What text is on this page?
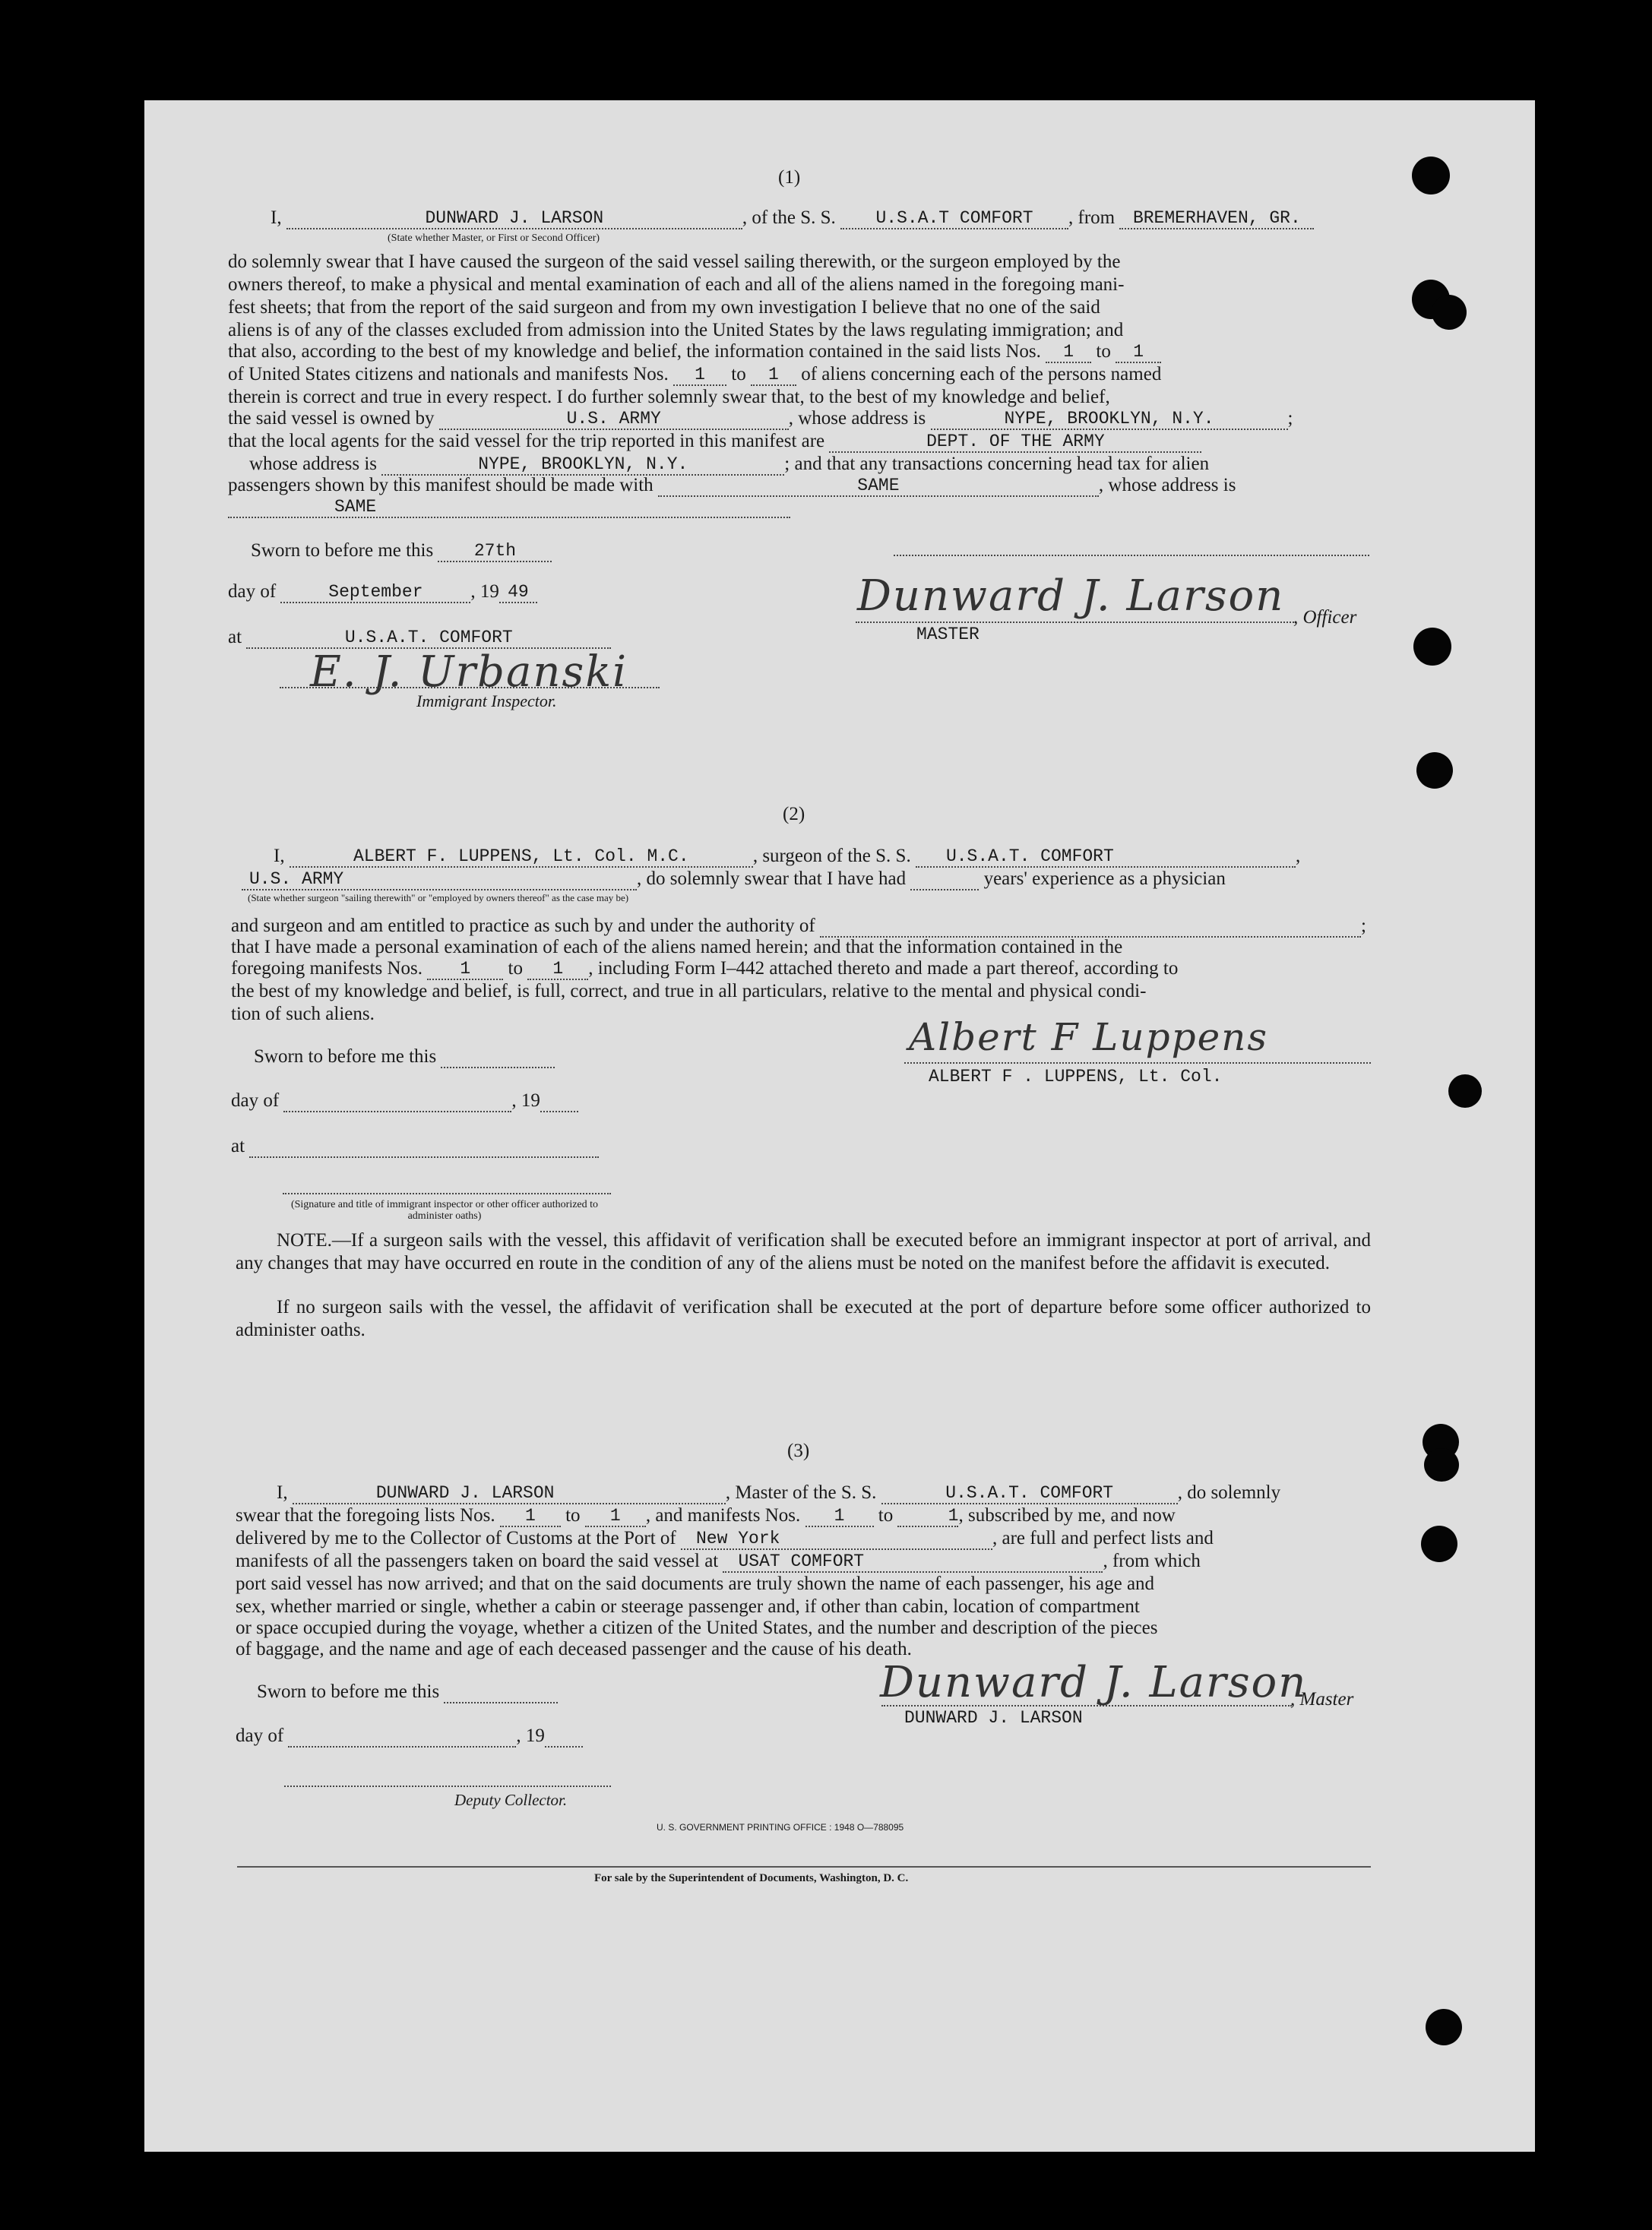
(1)
I,	DUNWARD J. LARSON	, of the S. S. U.S.A.T COMFORT , from BREMERHAVEN, GR.
(State whether Master, or First or Second Officer)
do solemnly swear that I have caused the surgeon of the said vessel sailing therewith, or the surgeon employed by the
owners thereof, to make a physical and mental examination of each and all of the aliens named in the foregoing mani-
fest sheets; that from the report of the said surgeon and from my own investigation I believe that no one of the said
aliens is of any of the classes excluded from admission into the United States by the laws regulating immigration; and
that also, according to the best of my knowledge and belief, the information contained in the said lists Nos. 1 to 1
of United States citizens and nationals and manifests Nos. 1 to 1 of aliens concerning each of the persons named
therein is correct and true in every respect. I do further solemnly swear that, to the best of my knowledge and belief,
the said vessel is owned by	U.S. ARMY	, whose address is	NYPE, BROOKLYN, N.Y.	;
that the local agents for the said vessel for the trip reported in this manifest are	DEPT. OF THE ARMY
whose address is	NYPE, BROOKLYN, N.Y.	; and that any transactions concerning head tax for alien
passengers shown by this manifest should be made with	SAME	, whose address is
SAME
Sworn to before me this 27th
day of	September	, 19 49
at	U.S.A.T. COMFORT
E. J. Urbanski
Immigrant Inspector.
Dunward J. Larson , Officer
MASTER
(2)
I,	ALBERT F. LUPPENS, Lt. Col. M.C.	, surgeon of the S. S. U.S.A.T. COMFORT	,
U.S. ARMY	, do solemnly swear that I have had	years' experience as a physician
(State whether surgeon "sailing therewith" or "employed by owners thereof" as the case may be)
and surgeon and am entitled to practice as such by and under the authority of	;
that I have made a personal examination of each of the aliens named herein; and that the information contained in the
foregoing manifests Nos. 1 to 1 , including Form I–442 attached thereto and made a part thereof, according to
the best of my knowledge and belief, is full, correct, and true in all particulars, relative to the mental and physical condi-
tion of such aliens.
Sworn to before me this
day of	, 19
at
(Signature and title of immigrant inspector or other officer authorized to administer oaths)
Albert F Luppens
ALBERT F . LUPPENS, Lt. Col.
NOTE.—If a surgeon sails with the vessel, this affidavit of verification shall be executed before an immigrant inspector at port of arrival, and any changes that may have occurred en route in the condition of any of the aliens must be noted on the manifest before the affidavit is executed.
If no surgeon sails with the vessel, the affidavit of verification shall be executed at the port of departure before some officer authorized to administer oaths.
(3)
I,	DUNWARD J. LARSON	, Master of the S. S.	U.S.A.T. COMFORT	, do solemnly
swear that the foregoing lists Nos. 1 to 1 , and manifests Nos. 1 to	1, subscribed by me, and now
delivered by me to the Collector of Customs at the Port of New York	, are full and perfect lists and
manifests of all the passengers taken on board the said vessel at USAT COMFORT	, from which
port said vessel has now arrived; and that on the said documents are truly shown the name of each passenger, his age and
sex, whether married or single, whether a cabin or steerage passenger and, if other than cabin, location of compartment
or space occupied during the voyage, whether a citizen of the United States, and the number and description of the pieces
of baggage, and the name and age of each deceased passenger and the cause of his death.
Sworn to before me this
day of	, 19
Deputy Collector.
Dunward J. Larson
, Master
DUNWARD J. LARSON
U. S. GOVERNMENT PRINTING OFFICE : 1948 O—788095
For sale by the Superintendent of Documents, Washington, D. C.
